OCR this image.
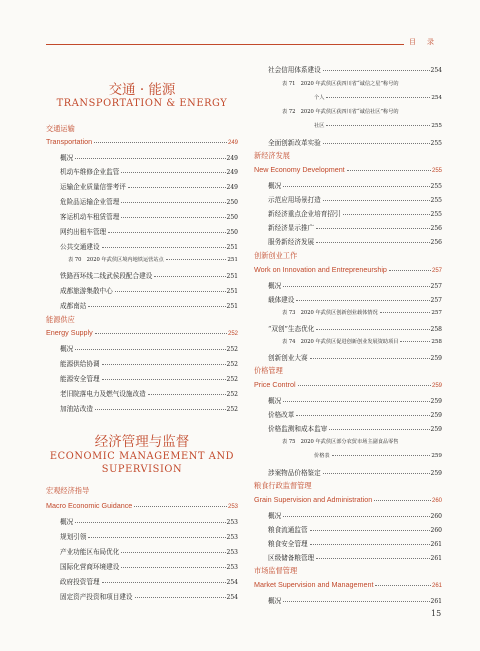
目　录
交通 · 能源
TRANSPORTATION & ENERGY
交通运输
Transportation	249
概况	249
机动车维修企业监管	249
运输企业质量信誉考评	249
危险品运输企业管理	250
客运机动车租赁管理	250
网约出租车管理	250
公共交通建设	251
表 70　2020 年武侯区境内地铁运营站点	251
铁路西环线二线武侯段配合建设	251
成都旅游集散中心	251
成都南站	251
能源供应
Energy Supply	252
概况	252
能源供给协调	252
能源安全管理	252
老旧院落电力及燃气设施改造	252
加油站改造	252
经济管理与监督
ECONOMIC MANAGEMENT AND
SUPERVISION
宏观经济指导
Macro Economic Guidance	253
概况	253
规划引领	253
产业功能区布局优化	253
国际化营商环境建设	253
政府投资管理	254
固定资产投资和项目建设	254
社会信用体系建设	254
表 71　2020 年武侯区获四川省“诚信之星”称号的
个人	254
表 72　2020 年武侯区获四川省“诚信社区”称号的
社区	255
全面创新改革实验	255
新经济发展
New Economy Development	255
概况	255
示范应用场景打造	255
新经济重点企业培育招引	255
新经济显示推广	256
服务新经济发展	256
创新创业工作
Work on Innovation and Entrepreneurship	257
概况	257
载体建设	257
表 73　2020 年武侯区创新创业载体情况	257
“双创”生态优化	258
表 74　2020 年武侯区促进创新创业发展资助项目	258
创新创业大赛	259
价格管理
Price Control	259
概况	259
价格改革	259
价格监测和成本监审	259
表 75　2020 年武侯区部分农贸市场主副食品零售
价格表	259
涉案物品价格鉴定	259
粮食行政监督管理
Grain Supervision and Administration	260
概况	260
粮食流通监管	260
粮食安全管理	261
区级储备粮管理	261
市场监督管理
Market Supervision and Management	261
概况	261
15
